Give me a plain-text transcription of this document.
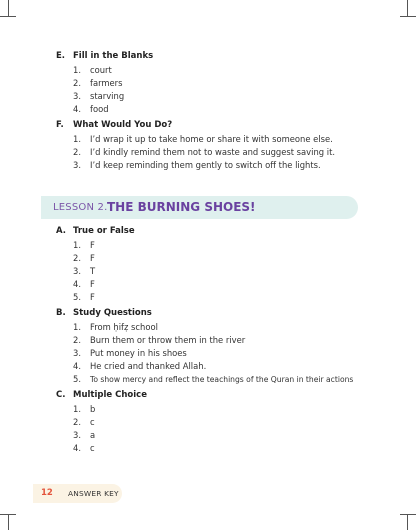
E. Fill in the Blanks
1. court
2. farmers
3. starving
4. food
F. What Would You Do?
1. I’d wrap it up to take home or share it with someone else.
2. I’d kindly remind them not to waste and suggest saving it.
3. I’d keep reminding them gently to switch off the lights.
LESSON 2. THE BURNING SHOES!
A. True or False
1. F
2. F
3. T
4. F
5. F
B. Study Questions
1. From ḥifẓ school
2. Burn them or throw them in the river
3. Put money in his shoes
4. He cried and thanked Allah.
5. To show mercy and reflect the teachings of the Quran in their actions
C. Multiple Choice
1. b
2. c
3. a
4. c
12 ANSWER KEY
